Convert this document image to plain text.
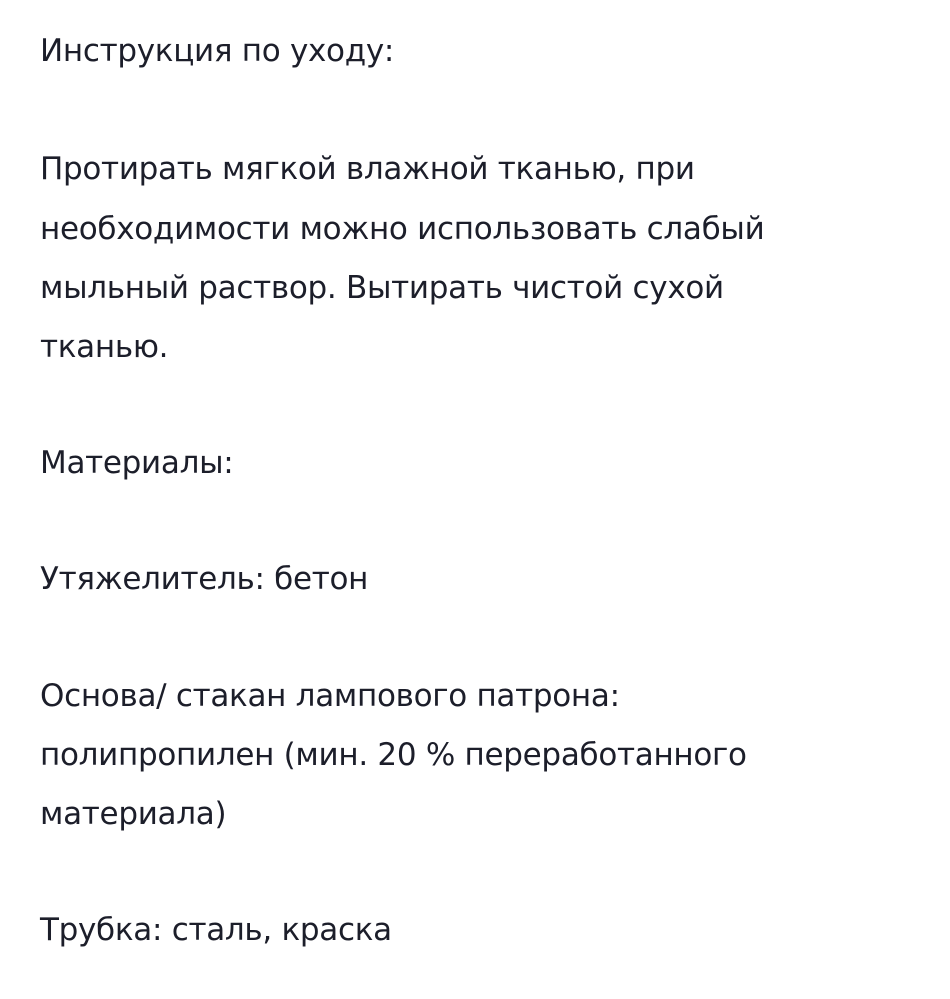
Инструкция по уходу:
Протирать мягкой влажной тканью, при
необходимости можно использовать слабый
мыльный раствор. Вытирать чистой сухой
тканью.
Материалы:
Утяжелитель: бетон
Основа/ стакан лампового патрона:
полипропилен (мин. 20 % переработанного
материала)
Трубка: сталь, краска
